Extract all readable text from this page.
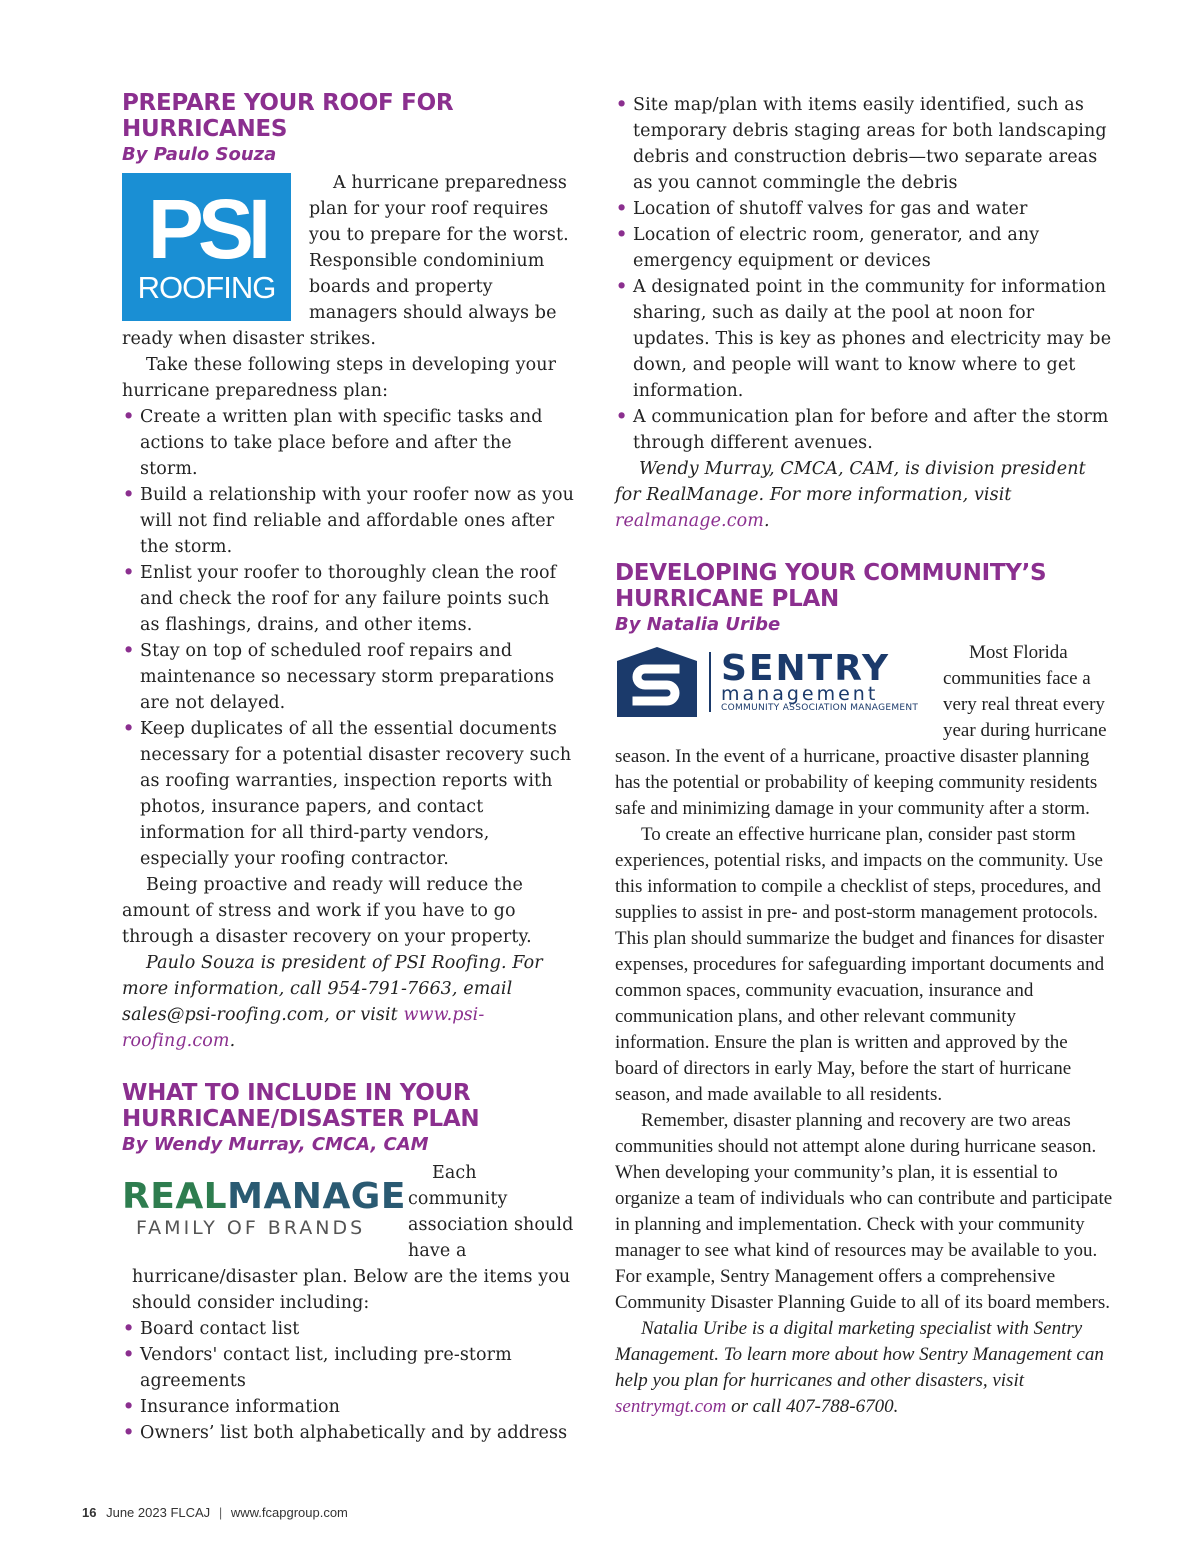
PREPARE YOUR ROOF FOR HURRICANES
By Paulo Souza
PSI
ROOFING

A hurricane preparedness plan for your roof requires you to prepare for the worst. Responsible condominium boards and property managers should always be ready when disaster strikes.

Take these following steps in developing your hurricane preparedness plan:

• Create a written plan with specific tasks and actions to take place before and after the storm.
• Build a relationship with your roofer now as you will not find reliable and affordable ones after the storm.
• Enlist your roofer to thoroughly clean the roof and check the roof for any failure points such as flashings, drains, and other items.
• Stay on top of scheduled roof repairs and maintenance so necessary storm preparations are not delayed.
• Keep duplicates of all the essential documents necessary for a potential disaster recovery such as roofing warranties, inspection reports with photos, insurance papers, and contact information for all third-party vendors, especially your roofing contractor.

Being proactive and ready will reduce the amount of stress and work if you have to go through a disaster recovery on your property.

Paulo Souza is president of PSI Roofing. For more information, call 954-791-7663, email sales@psi-roofing.com, or visit www.psi-roofing.com.

WHAT TO INCLUDE IN YOUR HURRICANE/DISASTER PLAN
By Wendy Murray, CMCA, CAM
REALMANAGE
FAMILY OF BRANDS

Each community association should have a hurricane/disaster plan. Below are the items you should consider including:

• Board contact list
• Vendors' contact list, including pre-storm agreements
• Insurance information
• Owners’ list both alphabetically and by address
• Site map/plan with items easily identified, such as temporary debris staging areas for both landscaping debris and construction debris—two separate areas as you cannot commingle the debris
• Location of shutoff valves for gas and water
• Location of electric room, generator, and any emergency equipment or devices
• A designated point in the community for information sharing, such as daily at the pool at noon for updates. This is key as phones and electricity may be down, and people will want to know where to get information.
• A communication plan for before and after the storm through different avenues.

Wendy Murray, CMCA, CAM, is division president for RealManage. For more information, visit realmanage.com.

DEVELOPING YOUR COMMUNITY’S HURRICANE PLAN
By Natalia Uribe
SENTRY
management
COMMUNITY ASSOCIATION MANAGEMENT

Most Florida communities face a very real threat every year during hurricane season. In the event of a hurricane, proactive disaster planning has the potential or probability of keeping community residents safe and minimizing damage in your community after a storm.

To create an effective hurricane plan, consider past storm experiences, potential risks, and impacts on the community. Use this information to compile a checklist of steps, procedures, and supplies to assist in pre- and post-storm management protocols. This plan should summarize the budget and finances for disaster expenses, procedures for safeguarding important documents and common spaces, community evacuation, insurance and communication plans, and other relevant community information. Ensure the plan is written and approved by the board of directors in early May, before the start of hurricane season, and made available to all residents.

Remember, disaster planning and recovery are two areas communities should not attempt alone during hurricane season. When developing your community’s plan, it is essential to organize a team of individuals who can contribute and participate in planning and implementation. Check with your community manager to see what kind of resources may be available to you. For example, Sentry Management offers a comprehensive Community Disaster Planning Guide to all of its board members.

Natalia Uribe is a digital marketing specialist with Sentry Management. To learn more about how Sentry Management can help you plan for hurricanes and other disasters, visit sentrymgt.com or call 407-788-6700.

16 June 2023 FLCAJ | www.fcapgroup.com
